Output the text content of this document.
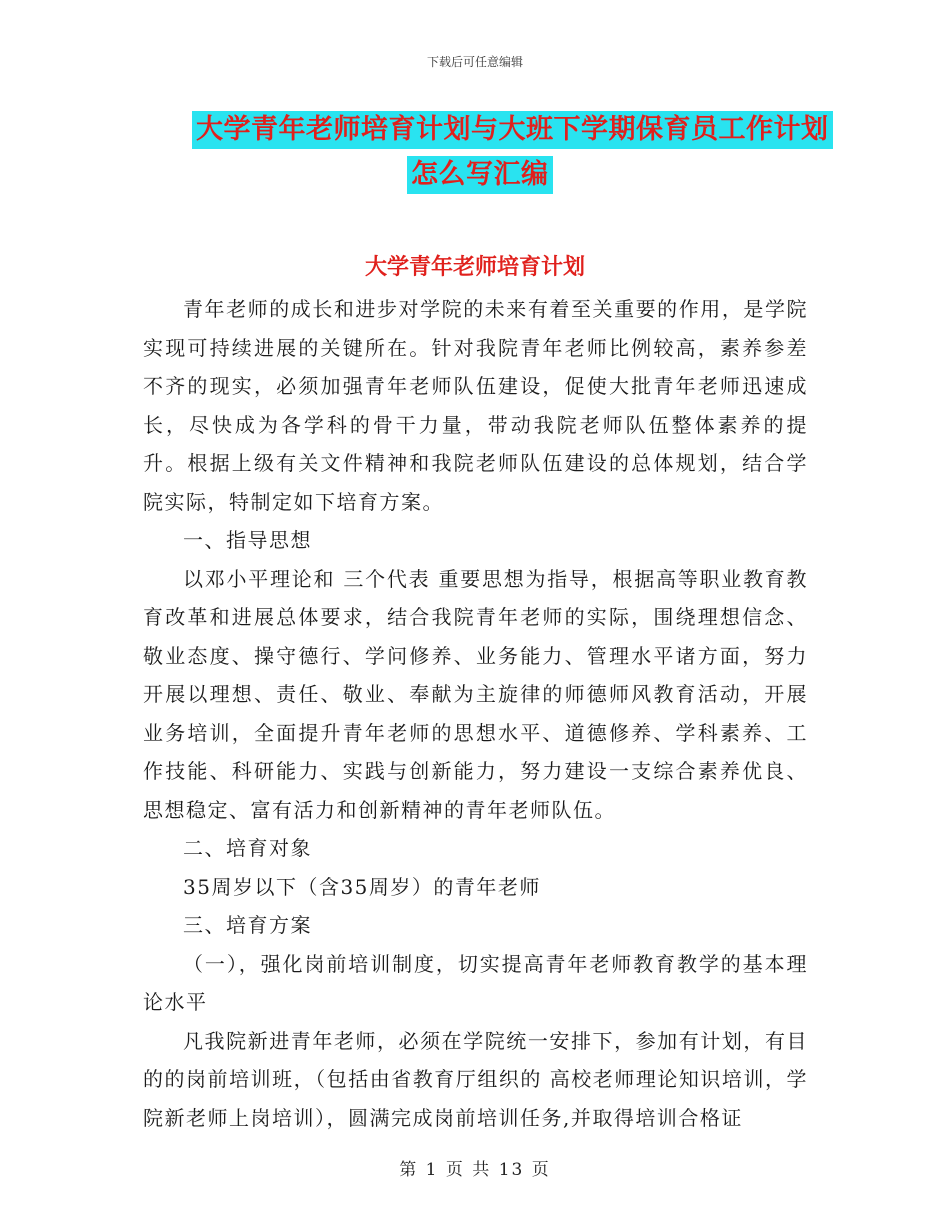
下载后可任意编辑
大学青年老师培育计划与大班下学期保育员工作计划
怎么写汇编
大学青年老师培育计划

青年老师的成长和进步对学院的未来有着至关重要的作用，是学院实现可持续进展的关键所在。针对我院青年老师比例较高，素养参差不齐的现实，必须加强青年老师队伍建设，促使大批青年老师迅速成长，尽快成为各学科的骨干力量，带动我院老师队伍整体素养的提升。根据上级有关文件精神和我院老师队伍建设的总体规划，结合学院实际，特制定如下培育方案。

一、指导思想

以邓小平理论和 三个代表 重要思想为指导，根据高等职业教育教育改革和进展总体要求，结合我院青年老师的实际，围绕理想信念、敬业态度、操守德行、学问修养、业务能力、管理水平诸方面，努力开展以理想、责任、敬业、奉献为主旋律的师德师风教育活动，开展业务培训，全面提升青年老师的思想水平、道德修养、学科素养、工作技能、科研能力、实践与创新能力，努力建设一支综合素养优良、思想稳定、富有活力和创新精神的青年老师队伍。

二、培育对象

35周岁以下（含35周岁）的青年老师

三、培育方案

（一），强化岗前培训制度，切实提高青年老师教育教学的基本理论水平

凡我院新进青年老师，必须在学院统一安排下，参加有计划，有目的的岗前培训班，（包括由省教育厅组织的 高校老师理论知识培训，学院新老师上岗培训），圆满完成岗前培训任务,并取得培训合格证

第 1 页 共 13 页
